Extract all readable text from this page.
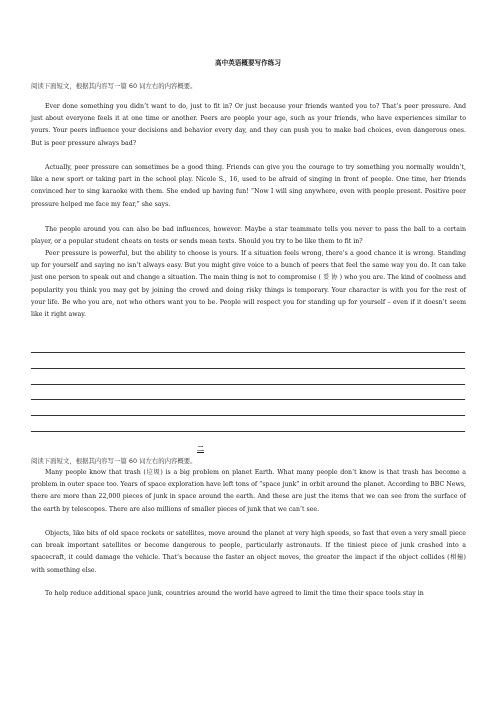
高中英语概要写作练习
阅读下面短文，根据其内容写一篇 60 词左右的内容概要。

Ever done something you didn’t want to do, just to fit in? Or just because your friends wanted you to? That’s peer pressure. And just about everyone feels it at one time or another. Peers are people your age, such as your friends, who have experiences similar to yours. Your peers influence your decisions and behavior every day, and they can push you to make bad choices, even dangerous ones. But is peer pressure always bad?

Actually, peer pressure can sometimes be a good thing. Friends can give you the courage to try something you normally wouldn’t, like a new sport or taking part in the school play. Nicole S., 16, used to be afraid of singing in front of people. One time, her friends convinced her to sing karaoke with them. She ended up having fun! “Now I will sing anywhere, even with people present. Positive peer pressure helped me face my fear,” she says.

The people around you can also be bad influences, however. Maybe a star teammate tells you never to pass the ball to a certain player, or a popular student cheats on tests or sends mean texts. Should you try to be like them to fit in?

Peer pressure is powerful, but the ability to choose is yours. If a situation feels wrong, there’s a good chance it is wrong. Standing up for yourself and saying no isn’t always easy. But you might give voice to a bunch of peers that feel the same way you do. It can take just one person to speak out and change a situation. The main thing is not to compromise ( 妥 协 ) who you are. The kind of coolness and popularity you think you may get by joining the crowd and doing risky things is temporary. Your character is with you for the rest of your life. Be who you are, not who others want you to be. People will respect you for standing up for yourself – even if it doesn’t seem like it right away.

二
阅读下面短文，根据其内容写一篇 60 词左右的内容概要。

Many people know that trash (垃圾) is a big problem on planet Earth. What many people don’t know is that trash has become a problem in outer space too. Years of space exploration have left tons of “space junk” in orbit around the planet. According to BBC News, there are more than 22,000 pieces of junk in space around the earth. And these are just the items that we can see from the surface of the earth by telescopes. There are also millions of smaller pieces of junk that we can’t see.

Objects, like bits of old space rockets or satellites, move around the planet at very high speeds, so fast that even a very small piece can break important satellites or become dangerous to people, particularly astronauts. If the tiniest piece of junk crashed into a spacecraft, it could damage the vehicle. That’s because the faster an object moves, the greater the impact if the object collides (相撞) with something else.

To help reduce additional space junk, countries around the world have agreed to limit the time their space tools stay in
